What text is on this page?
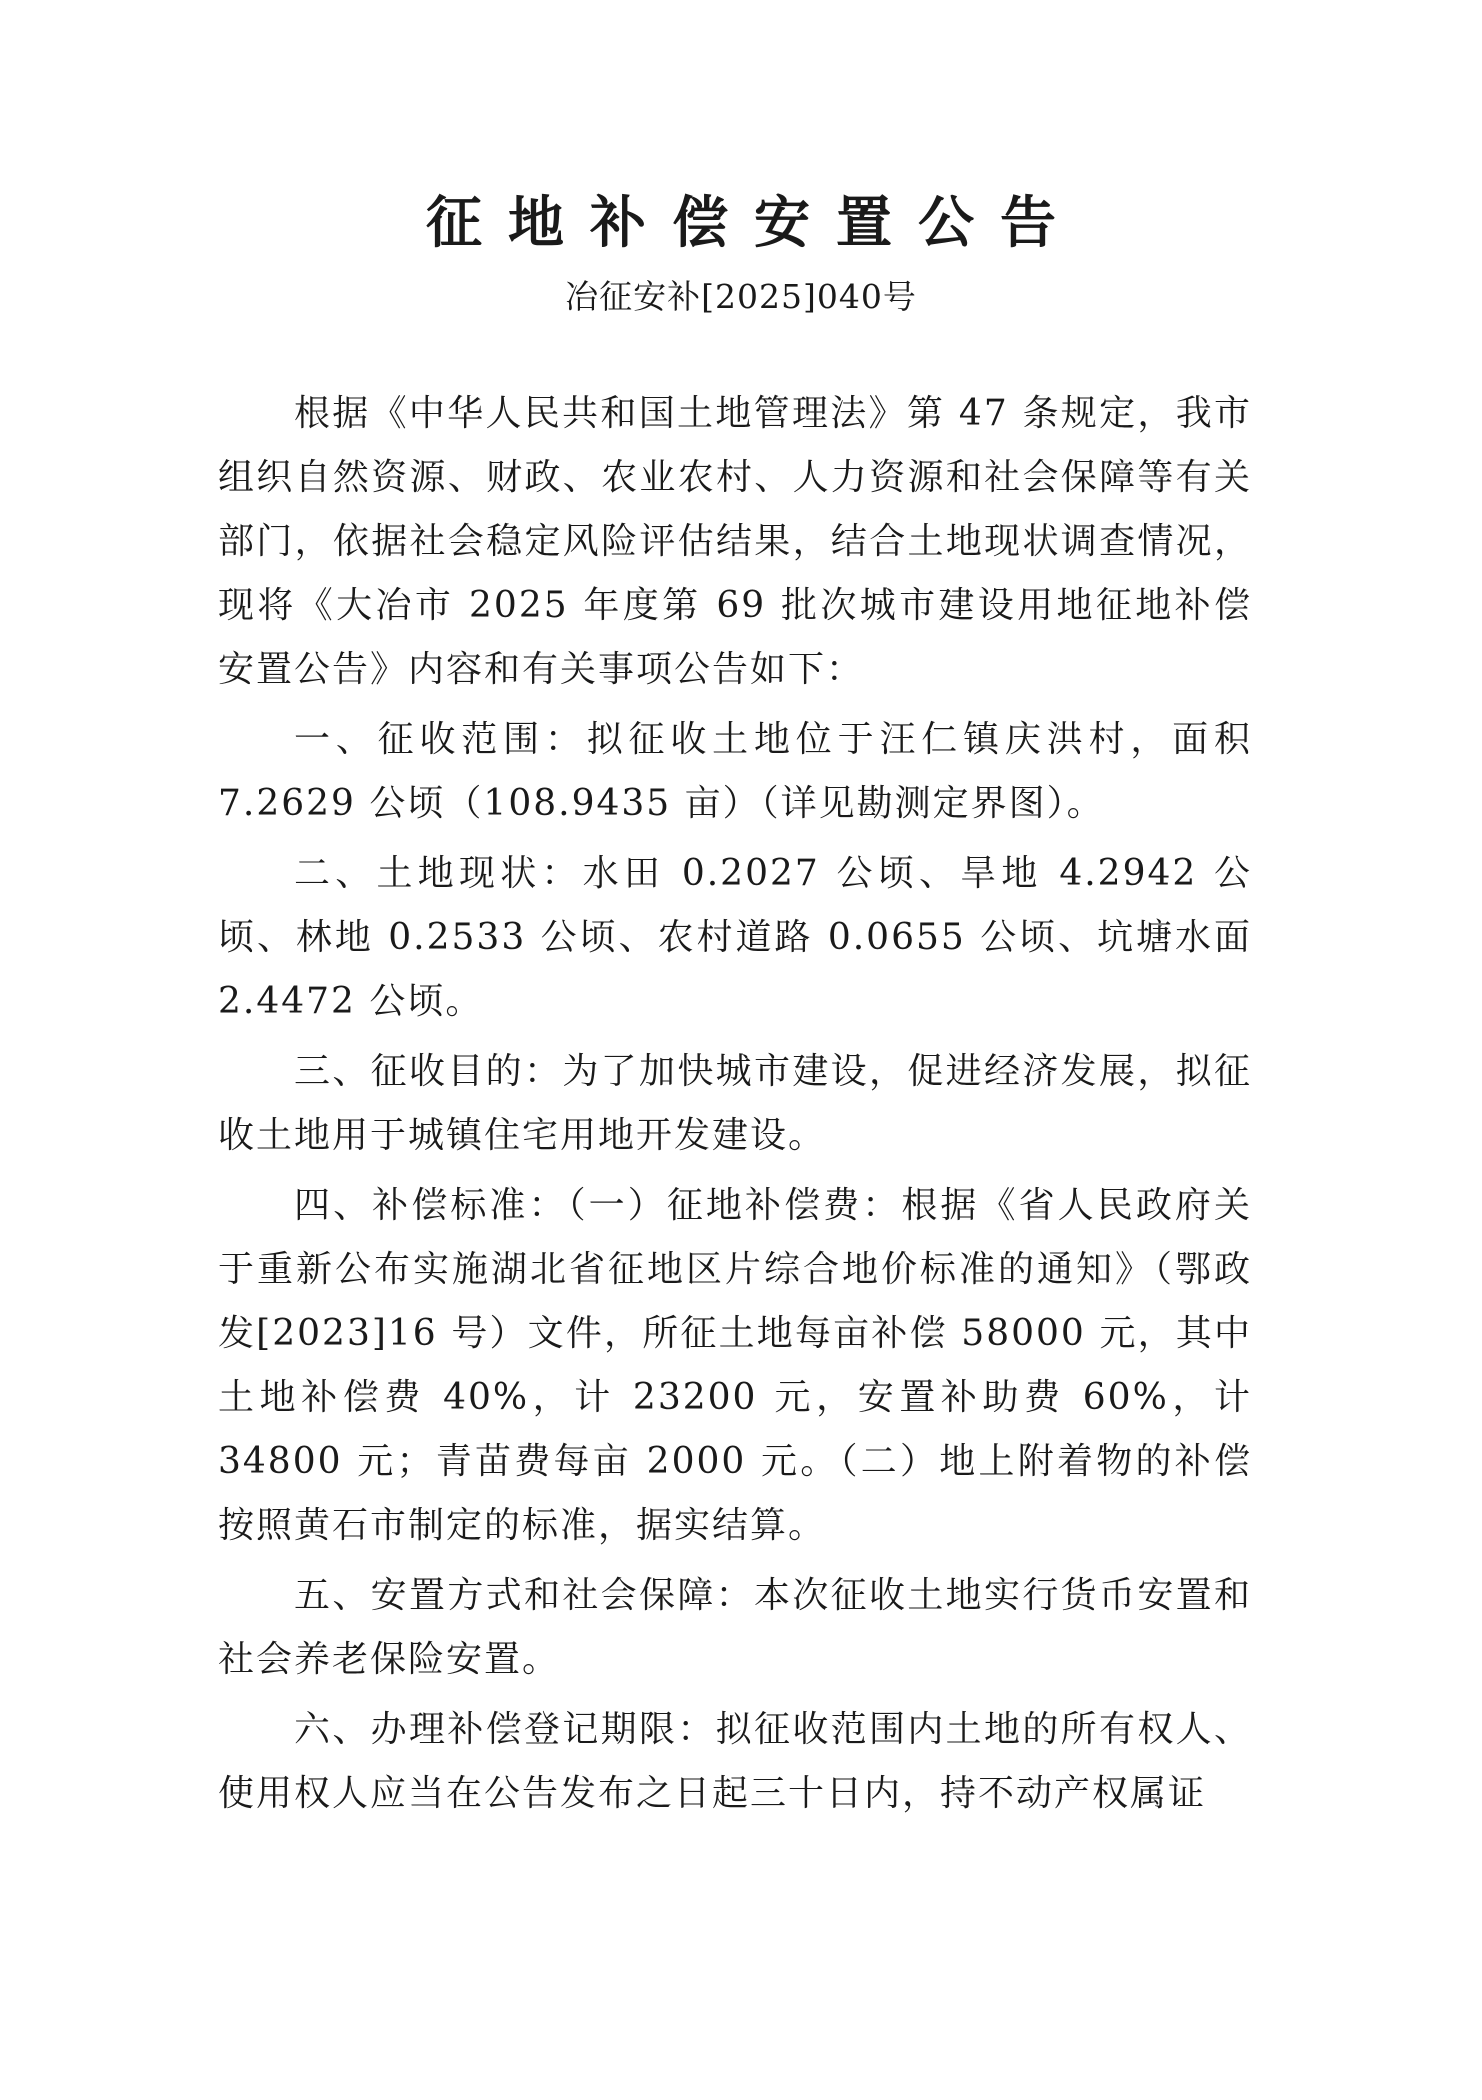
征地补偿安置公告
冶征安补[2025]040号

根据《中华人民共和国土地管理法》第 47 条规定，我市组织自然资源、财政、农业农村、人力资源和社会保障等有关部门，依据社会稳定风险评估结果，结合土地现状调查情况，现将《大冶市 2025 年度第 69 批次城市建设用地征地补偿安置公告》内容和有关事项公告如下：

一、征收范围：拟征收土地位于汪仁镇庆洪村，面积 7.2629 公顷（108.9435 亩）（详见勘测定界图）。

二、土地现状：水田 0.2027 公顷、旱地 4.2942 公顷、林地 0.2533 公顷、农村道路 0.0655 公顷、坑塘水面 2.4472 公顷。

三、征收目的：为了加快城市建设，促进经济发展，拟征收土地用于城镇住宅用地开发建设。

四、补偿标准：（一）征地补偿费：根据《省人民政府关于重新公布实施湖北省征地区片综合地价标准的通知》（鄂政发[2023]16 号）文件，所征土地每亩补偿 58000 元，其中土地补偿费 40%，计 23200 元，安置补助费 60%，计 34800 元；青苗费每亩 2000 元。（二）地上附着物的补偿按照黄石市制定的标准，据实结算。

五、安置方式和社会保障：本次征收土地实行货币安置和社会养老保险安置。

六、办理补偿登记期限：拟征收范围内土地的所有权人、使用权人应当在公告发布之日起三十日内，持不动产权属证
